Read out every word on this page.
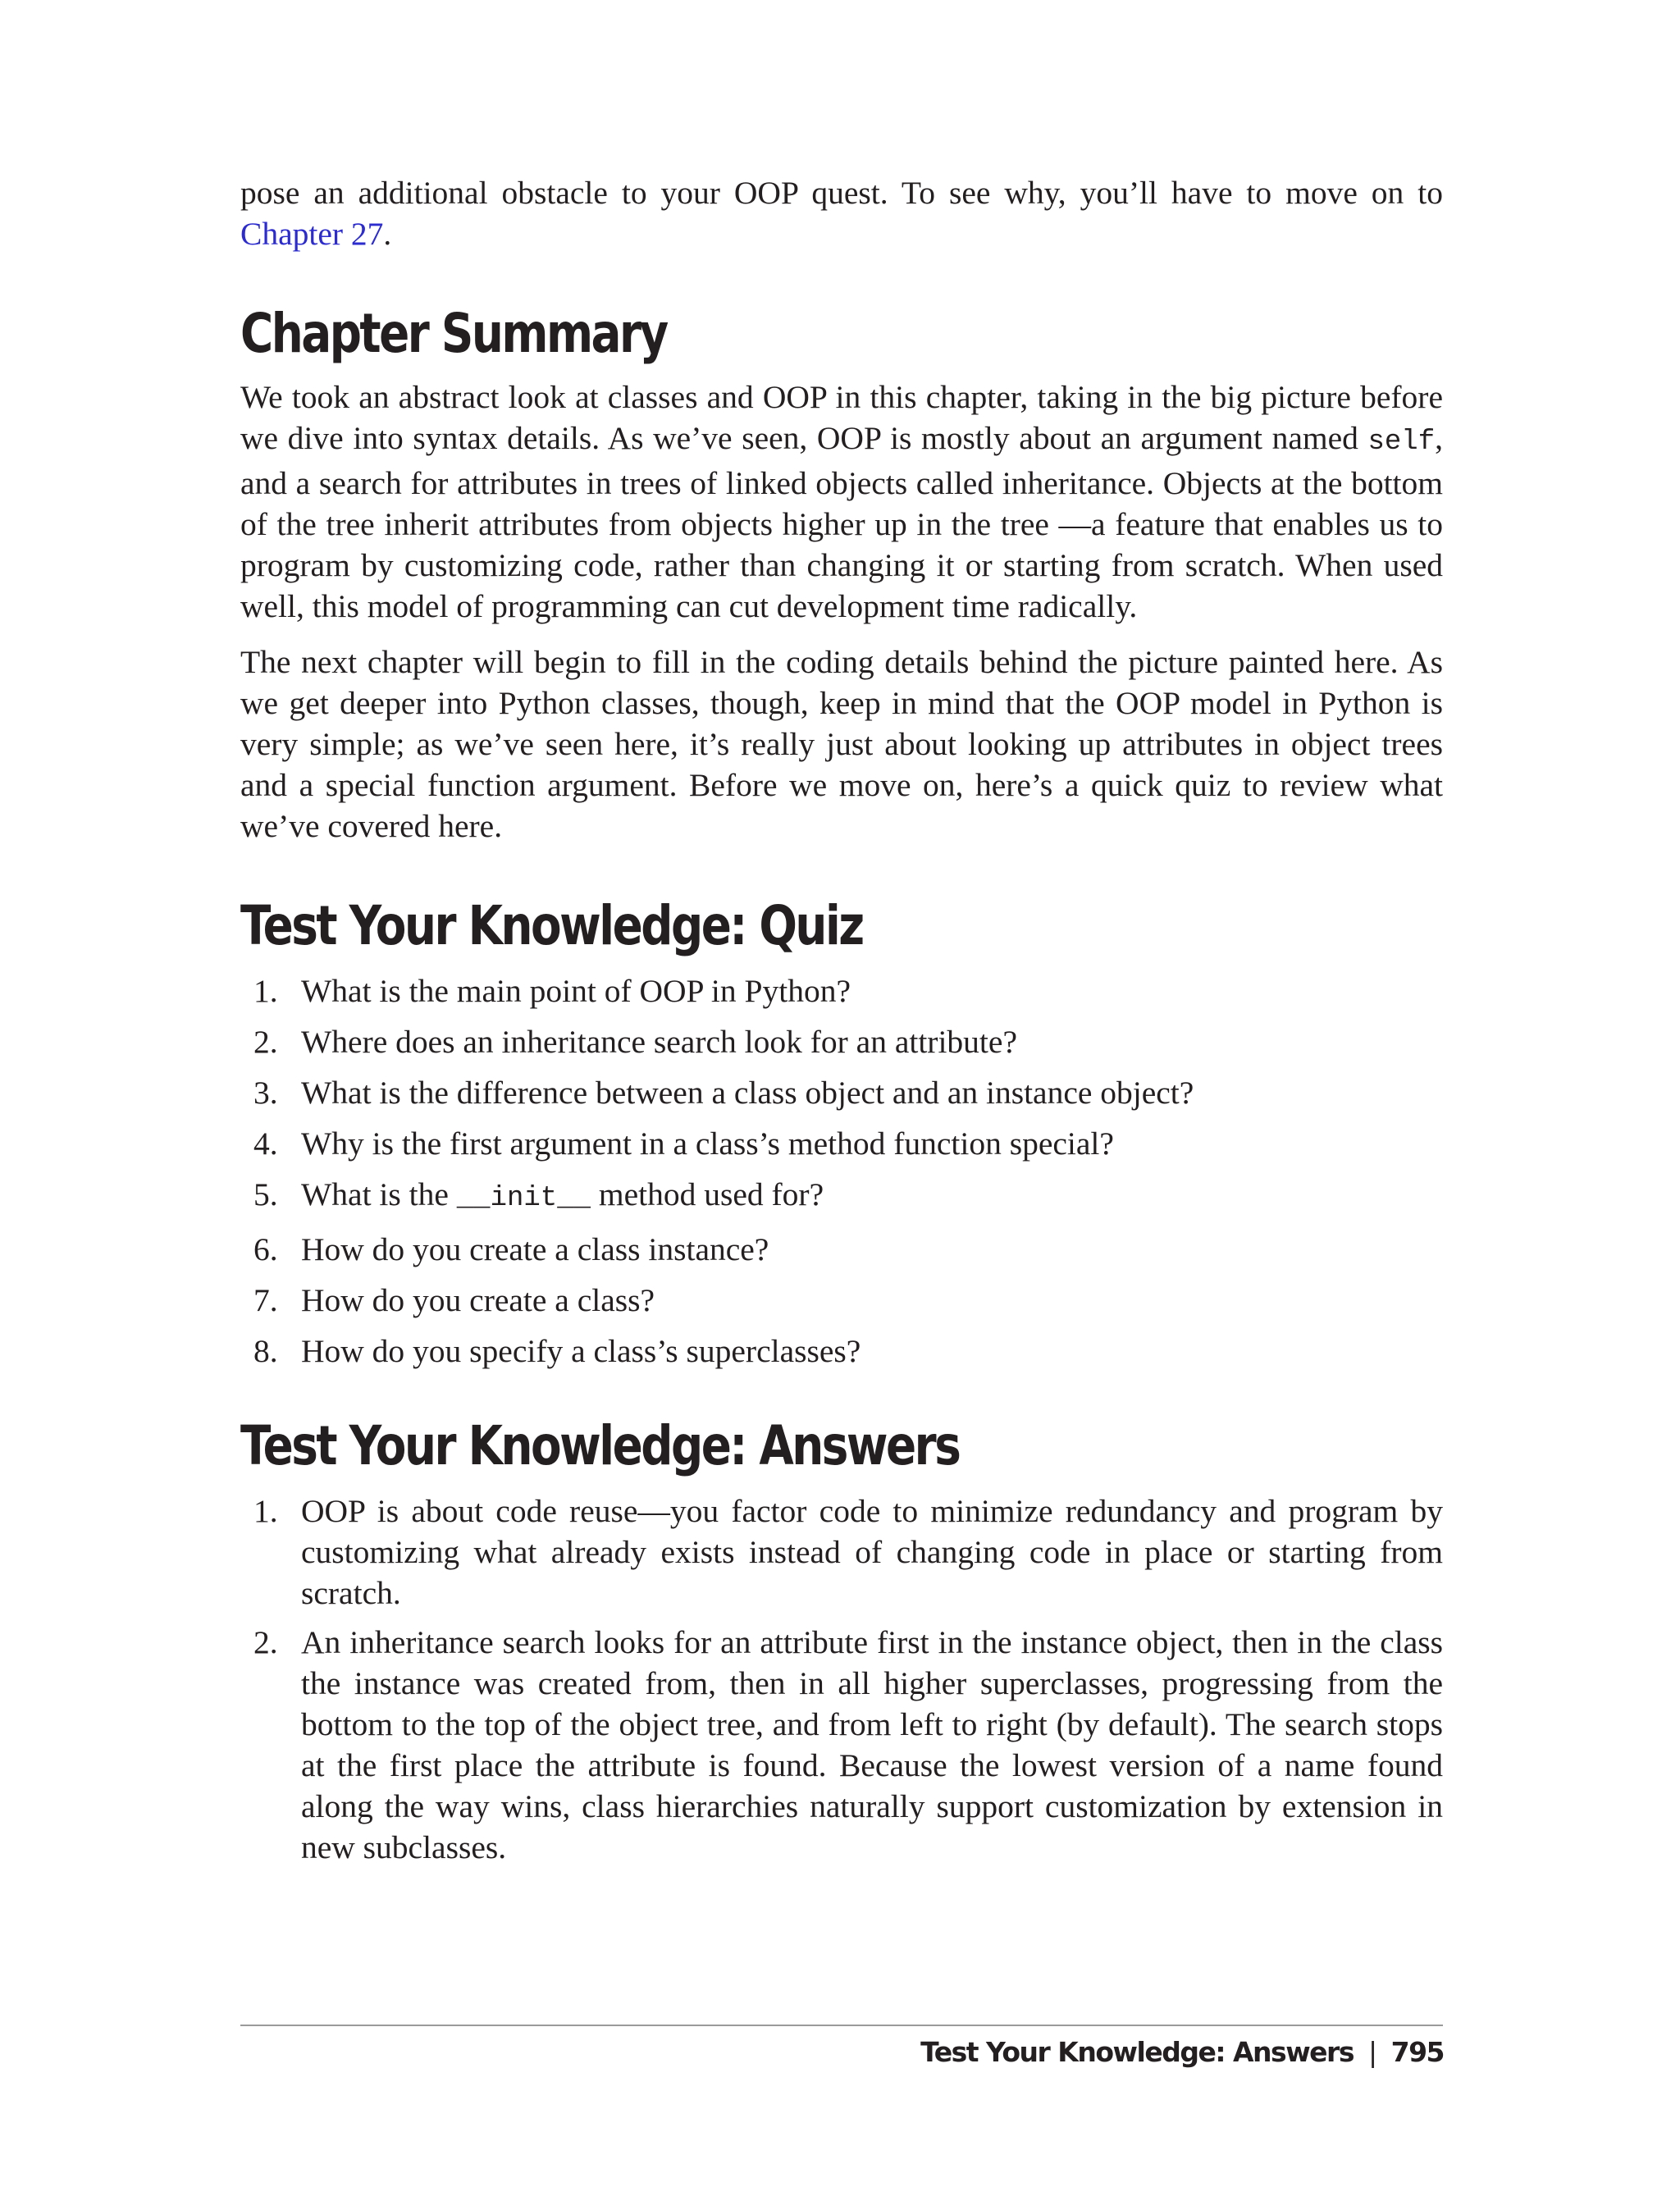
pose an additional obstacle to your OOP quest. To see why, you’ll have to move on to Chapter 27.

Chapter Summary

We took an abstract look at classes and OOP in this chapter, taking in the big picture before we dive into syntax details. As we’ve seen, OOP is mostly about an argument named self, and a search for attributes in trees of linked objects called inheritance. Objects at the bottom of the tree inherit attributes from objects higher up in the tree —a feature that enables us to program by customizing code, rather than changing it or starting from scratch. When used well, this model of programming can cut development time radically.

The next chapter will begin to fill in the coding details behind the picture painted here. As we get deeper into Python classes, though, keep in mind that the OOP model in Python is very simple; as we’ve seen here, it’s really just about looking up attributes in object trees and a special function argument. Before we move on, here’s a quick quiz to review what we’ve covered here.

Test Your Knowledge: Quiz
1. What is the main point of OOP in Python?
2. Where does an inheritance search look for an attribute?
3. What is the difference between a class object and an instance object?
4. Why is the first argument in a class’s method function special?
5. What is the __init__ method used for?
6. How do you create a class instance?
7. How do you create a class?
8. How do you specify a class’s superclasses?
Test Your Knowledge: Answers
1. OOP is about code reuse—you factor code to minimize redundancy and program by customizing what already exists instead of changing code in place or starting from scratch.
2. An inheritance search looks for an attribute first in the instance object, then in the class the instance was created from, then in all higher superclasses, progressing from the bottom to the top of the object tree, and from left to right (by default). The search stops at the first place the attribute is found. Because the lowest version of a name found along the way wins, class hierarchies naturally support customization by extension in new subclasses.
Test Your Knowledge: Answers | 795
